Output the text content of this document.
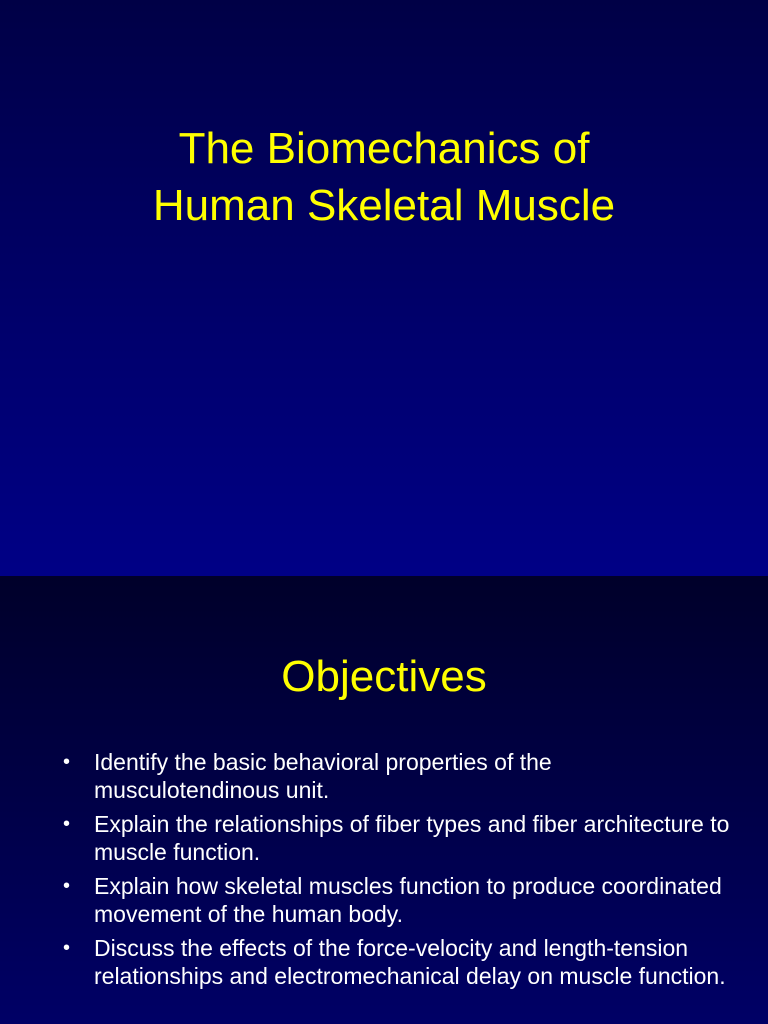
The Biomechanics of
Human Skeletal Muscle
Objectives
• Identify the basic behavioral properties of the musculotendinous unit.
• Explain the relationships of fiber types and fiber architecture to muscle function.
• Explain how skeletal muscles function to produce coordinated movement of the human body.
• Discuss the effects of the force-velocity and length-tension relationships and electromechanical delay on muscle function.
